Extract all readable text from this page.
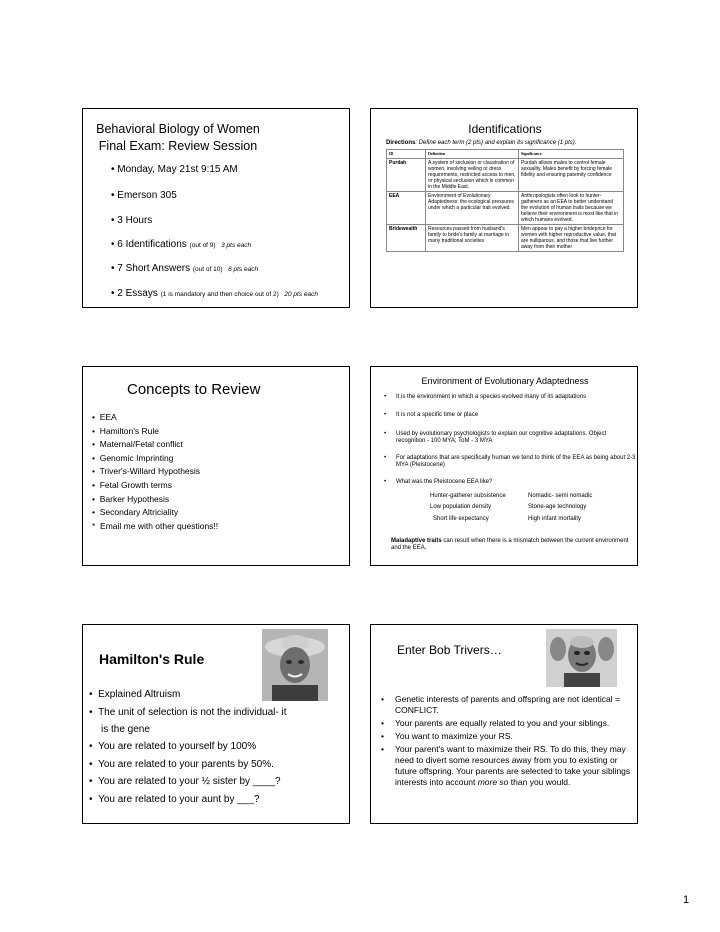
Behavioral Biology of Women
Final Exam: Review Session
• Monday, May 21st 9:15 AM
• Emerson 305
• 3 Hours
• 6 Identifications (out of 9) 3 pts each
• 7 Short Answers (out of 10) 6 pts each
• 2 Essays (1 is mandatory and then choice out of 2) 20 pts each
Identifications
Directions: Define each term (2 pts) and explain its significance (1 pts).
ID	Definition	Significance
Purdah	A system of seclusion or claustration of women, involving veiling or dress requirements, restricted access to men, or physical seclusion which is common in the Middle East.	Purdah allows males to control female sexuality. Males benefit by forcing female fidelity and ensuring paternity confidence
EEA	Environment of Evolutionary Adaptedness: the ecological pressures under which a particular trait evolved.	Anthropologists often look to hunter-gatherers as an EEA to better understand the evolution of human traits because we believe their environment is most like that in which humans evolved.
Bridewealth	Resources passed from husband's family to bride's family at marriage in many traditional societies	Men appear to pay a higher brideprice for women with higher reproductive value, that are nulliparous, and those that live further away from their mother
Concepts to Review
• EEA
• Hamilton's Rule
• Maternal/Fetal conflict
• Genomic Imprinting
• Triver's-Willard Hypothesis
• Fetal Growth terms
• Barker Hypothesis
• Secondary Altriciality
* Email me with other questions!!
Environment of Evolutionary Adaptedness
• It is the environment in which a species evolved many of its adaptations
• It is not a specific time or place
• Used by evolutionary psychologists to explain our cognitive adaptations. Object recognition - 100 MYA; ToM - 3 MYA
• For adaptations that are specifically human we tend to think of the EEA as being about 2-3 MYA (Pleistocene)
• What was the Pleistocene EEA like?
Hunter-gatherer subsistence	Nomadic- semi nomadic
Low population density	Stone-age technology
Short life expectancy	High infant mortality
Maladaptive traits can result when there is a mismatch between the current environment and the EEA.
Hamilton's Rule
•  Explained Altruism
•  The unit of selection is not the individual- it
is the gene
•  You are related to yourself by 100%
•  You are related to your parents by 50%.
•  You are related to your ½ sister by ____?
•  You are related to your aunt by ___?
Enter Bob Trivers…
• Genetic interests of parents and offspring are not identical = CONFLICT.
• Your parents are equally related to you and your siblings.
• You want to maximize your RS.
• Your parent's want to maximize their RS. To do this, they may need to divert some resources away from you to existing or future offspring. Your parents are selected to take your siblings interests into account more so than you would.
1
